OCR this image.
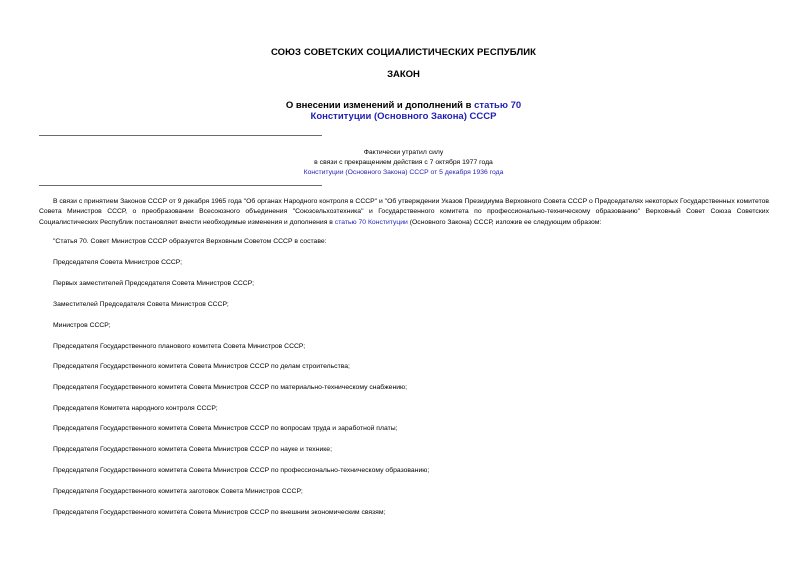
СОЮЗ СОВЕТСКИХ СОЦИАЛИСТИЧЕСКИХ РЕСПУБЛИК
ЗАКОН
О внесении изменений и дополнений в статью 70
Конституции (Основного Закона) СССР
Фактически утратил силу
в связи с прекращением действия с 7 октября 1977 года
Конституции (Основного Закона) СССР от 5 декабря 1936 года
В связи с принятием Законов СССР от 9 декабря 1965 года "Об органах Народного контроля в СССР" и "Об утверждении Указов Президиума Верховного Совета СССР о Председателях некоторых Государственных комитетов Совета Министров СССР, о преобразовании Всесоюзного объединения "Союзсельхозтехника" и Государственного комитета по профессионально-техническому образованию" Верховный Совет Союза Советских Социалистических Республик постановляет внести необходимые изменения и дополнения в статью 70 Конституции (Основного Закона) СССР, изложив ее следующим образом:
"Статья 70. Совет Министров СССР образуется Верховным Советом СССР в составе:
Председателя Совета Министров СССР;
Первых заместителей Председателя Совета Министров СССР;
Заместителей Председателя Совета Министров СССР;
Министров СССР;
Председателя Государственного планового комитета Совета Министров СССР;
Председателя Государственного комитета Совета Министров СССР по делам строительства;
Председателя Государственного комитета Совета Министров СССР по материально-техническому снабжению;
Председателя Комитета народного контроля СССР;
Председателя Государственного комитета Совета Министров СССР по вопросам труда и заработной платы;
Председателя Государственного комитета Совета Министров СССР по науке и технике;
Председателя Государственного комитета Совета Министров СССР по профессионально-техническому образованию;
Председателя Государственного комитета заготовок Совета Министров СССР;
Председателя Государственного комитета Совета Министров СССР по внешним экономическим связям;
